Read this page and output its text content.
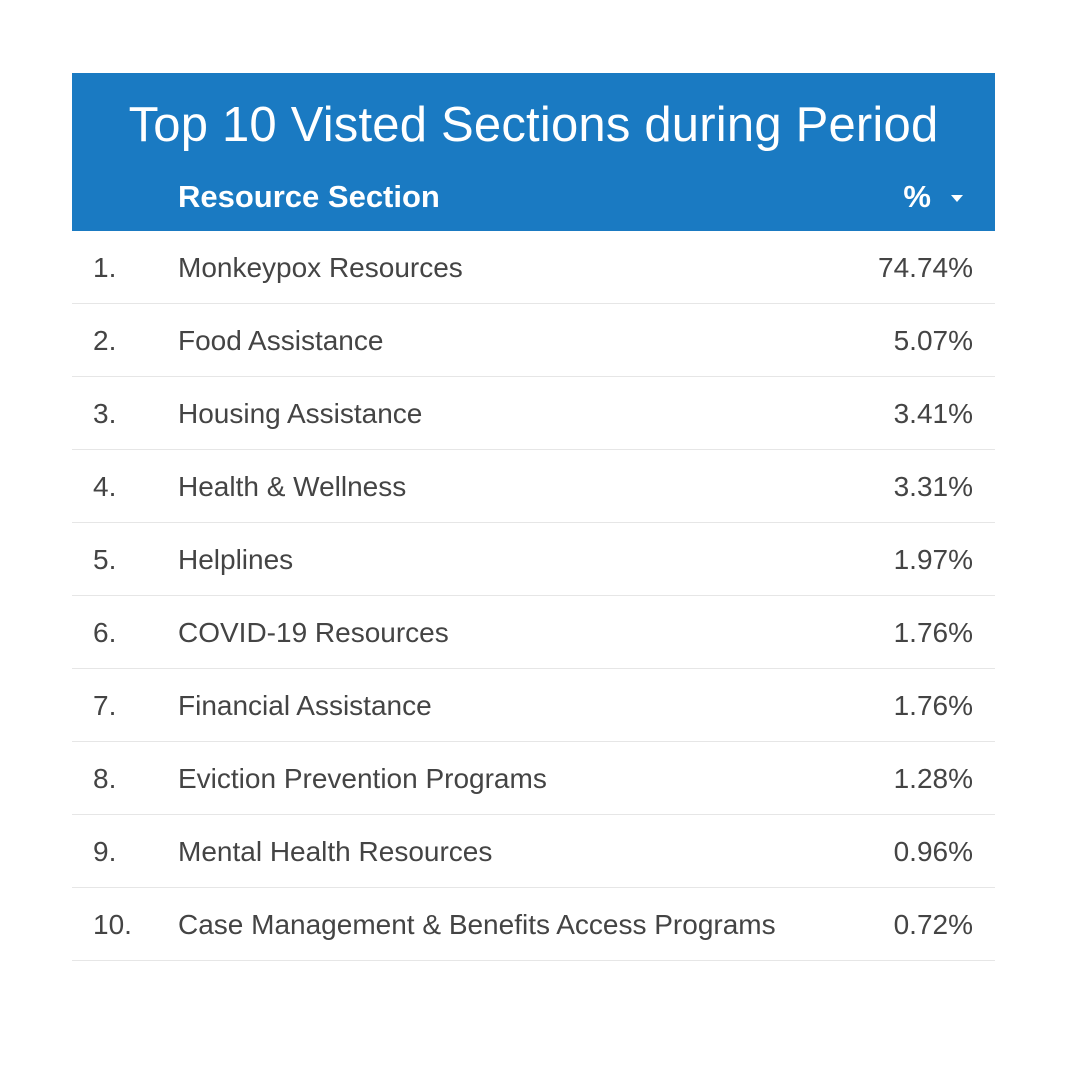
Top 10 Visted Sections during Period
Resource Section	%
1. Monkeypox Resources	74.74%
2. Food Assistance	5.07%
3. Housing Assistance	3.41%
4. Health & Wellness	3.31%
5. Helplines	1.97%
6. COVID-19 Resources	1.76%
7. Financial Assistance	1.76%
8. Eviction Prevention Programs	1.28%
9. Mental Health Resources	0.96%
10. Case Management & Benefits Access Programs	0.72%
